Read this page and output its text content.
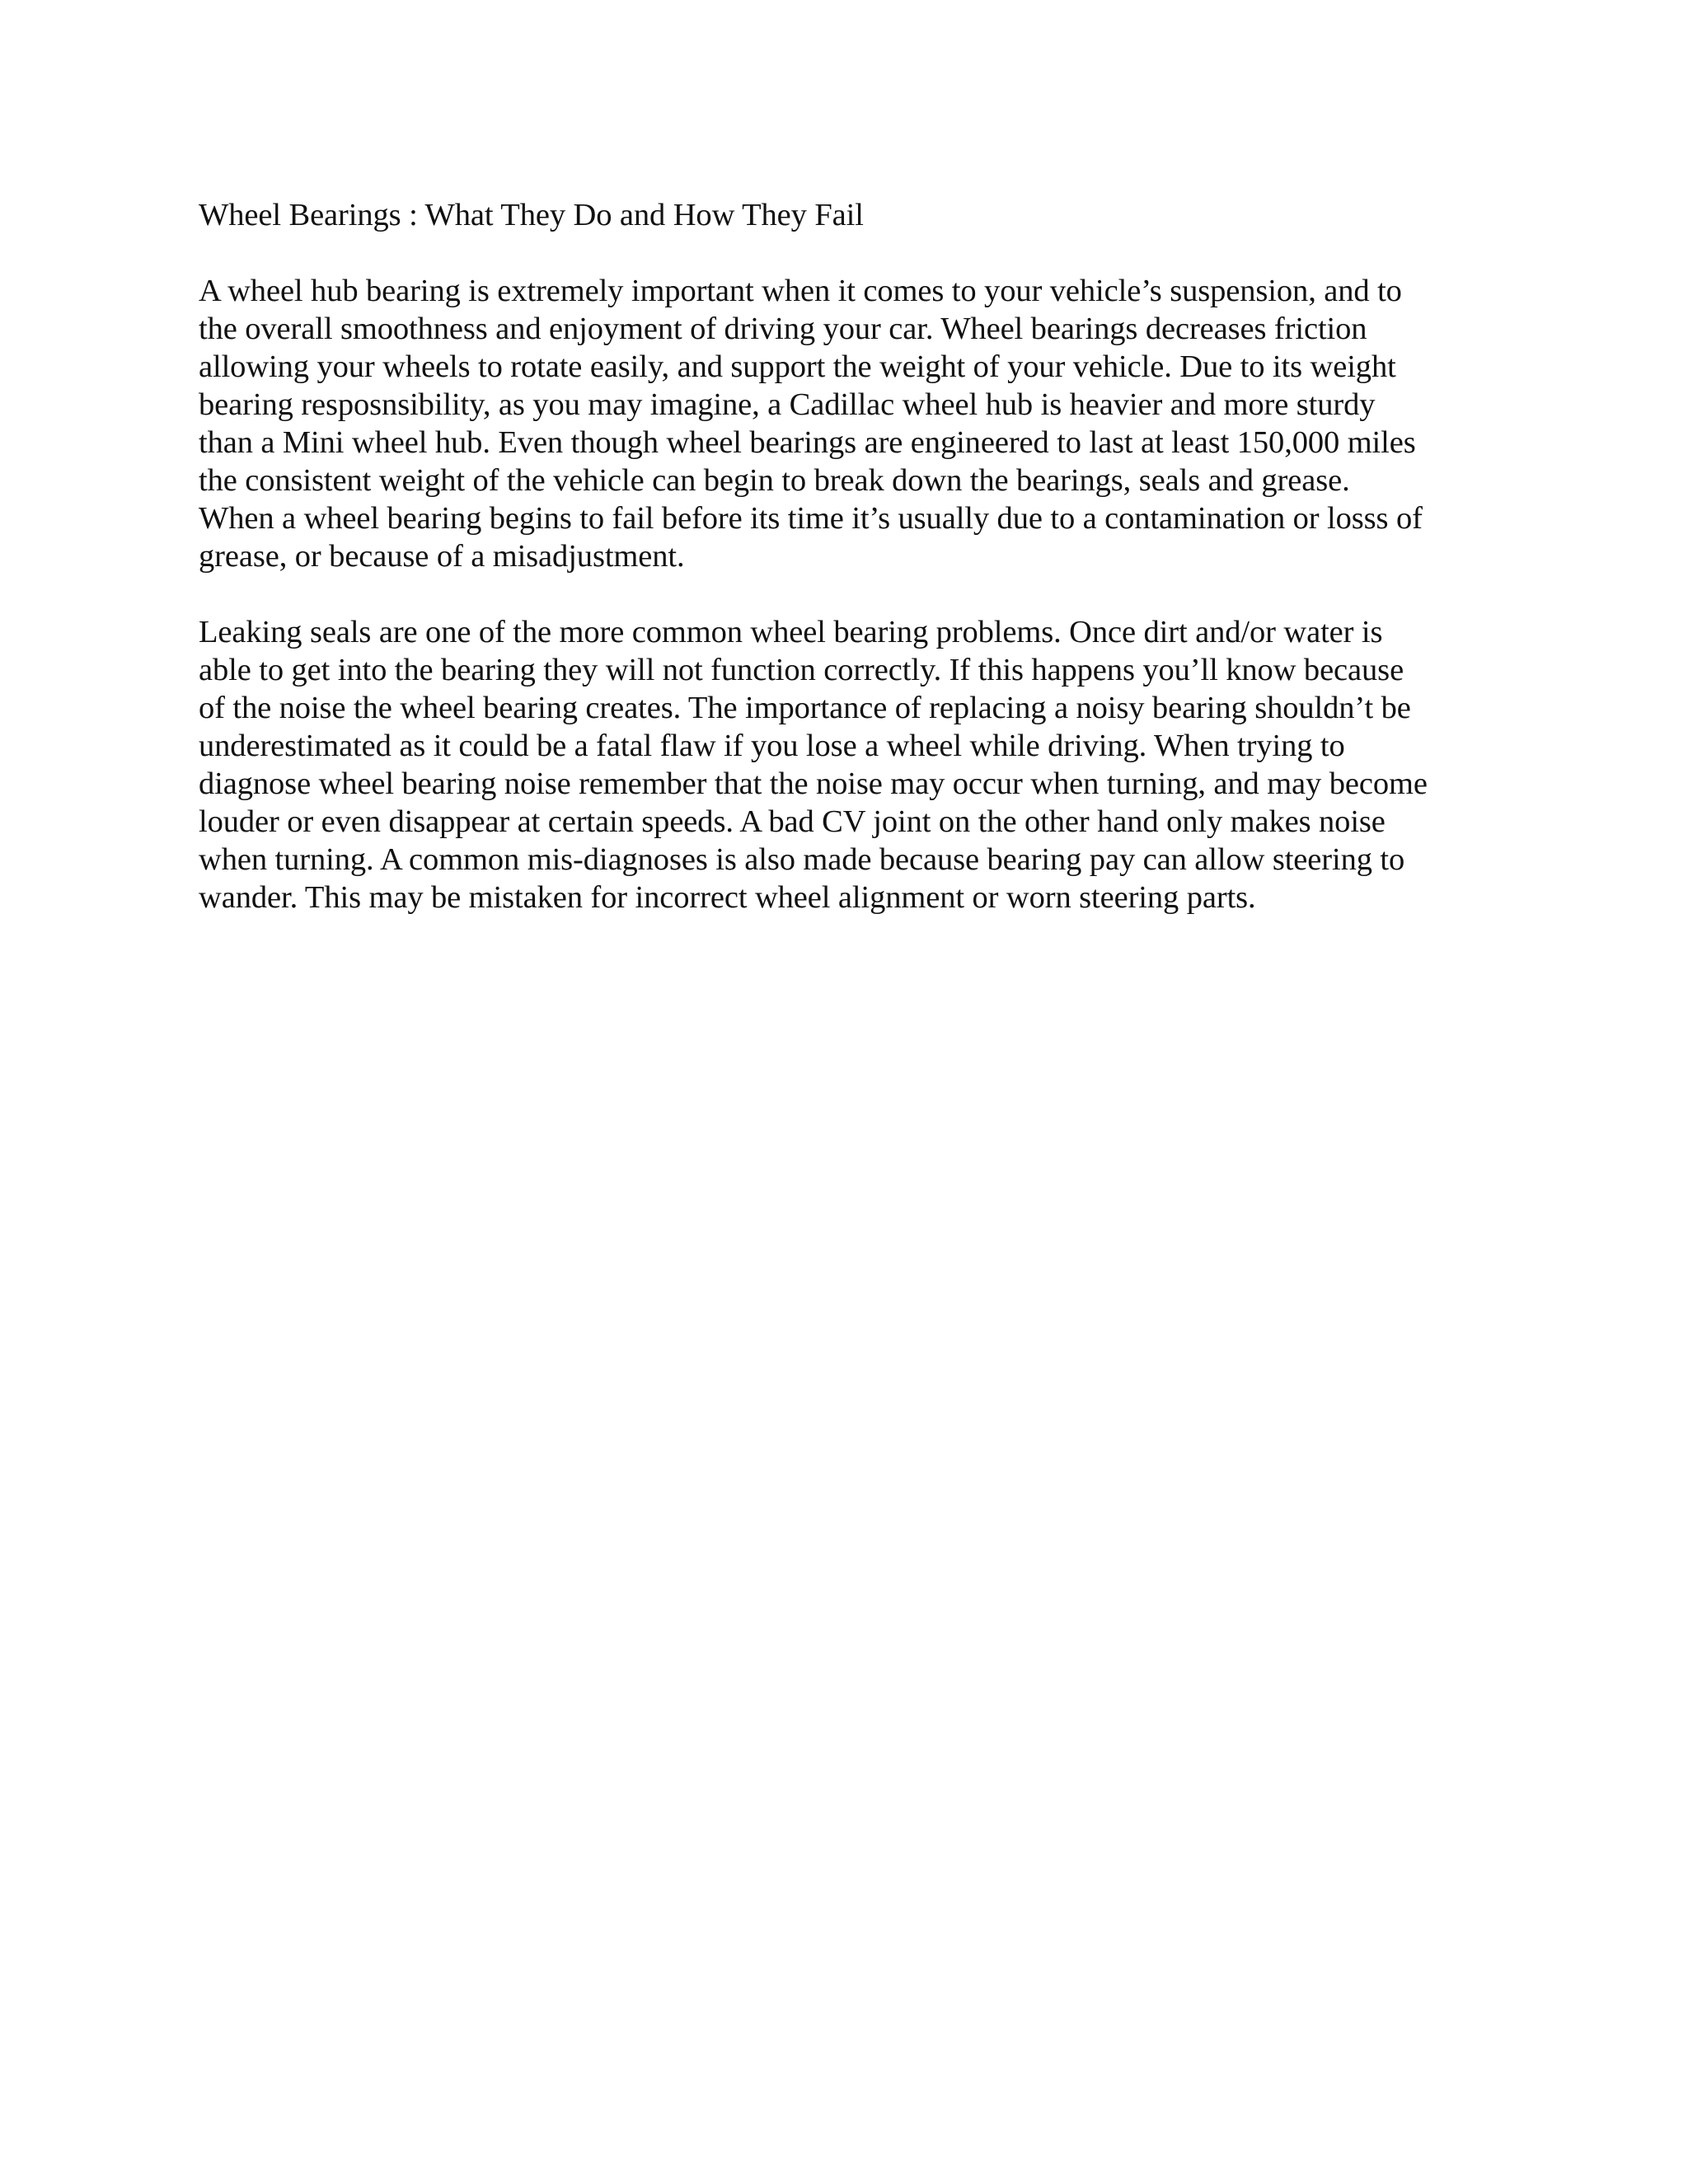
Wheel Bearings : What They Do and How They Fail

A wheel hub bearing is extremely important when it comes to your vehicle’s suspension, and to
the overall smoothness and enjoyment of driving your car. Wheel bearings decreases friction
allowing your wheels to rotate easily, and support the weight of your vehicle. Due to its weight
bearing resposnsibility, as you may imagine, a Cadillac wheel hub is heavier and more sturdy
than a Mini wheel hub. Even though wheel bearings are engineered to last at least 150,000 miles
the consistent weight of the vehicle can begin to break down the bearings, seals and grease.
When a wheel bearing begins to fail before its time it’s usually due to a contamination or losss of
grease, or because of a misadjustment.

Leaking seals are one of the more common wheel bearing problems. Once dirt and/or water is
able to get into the bearing they will not function correctly. If this happens you’ll know because
of the noise the wheel bearing creates. The importance of replacing a noisy bearing shouldn’t be
underestimated as it could be a fatal flaw if you lose a wheel while driving. When trying to
diagnose wheel bearing noise remember that the noise may occur when turning, and may become
louder or even disappear at certain speeds. A bad CV joint on the other hand only makes noise
when turning. A common mis-diagnoses is also made because bearing pay can allow steering to
wander. This may be mistaken for incorrect wheel alignment or worn steering parts.
